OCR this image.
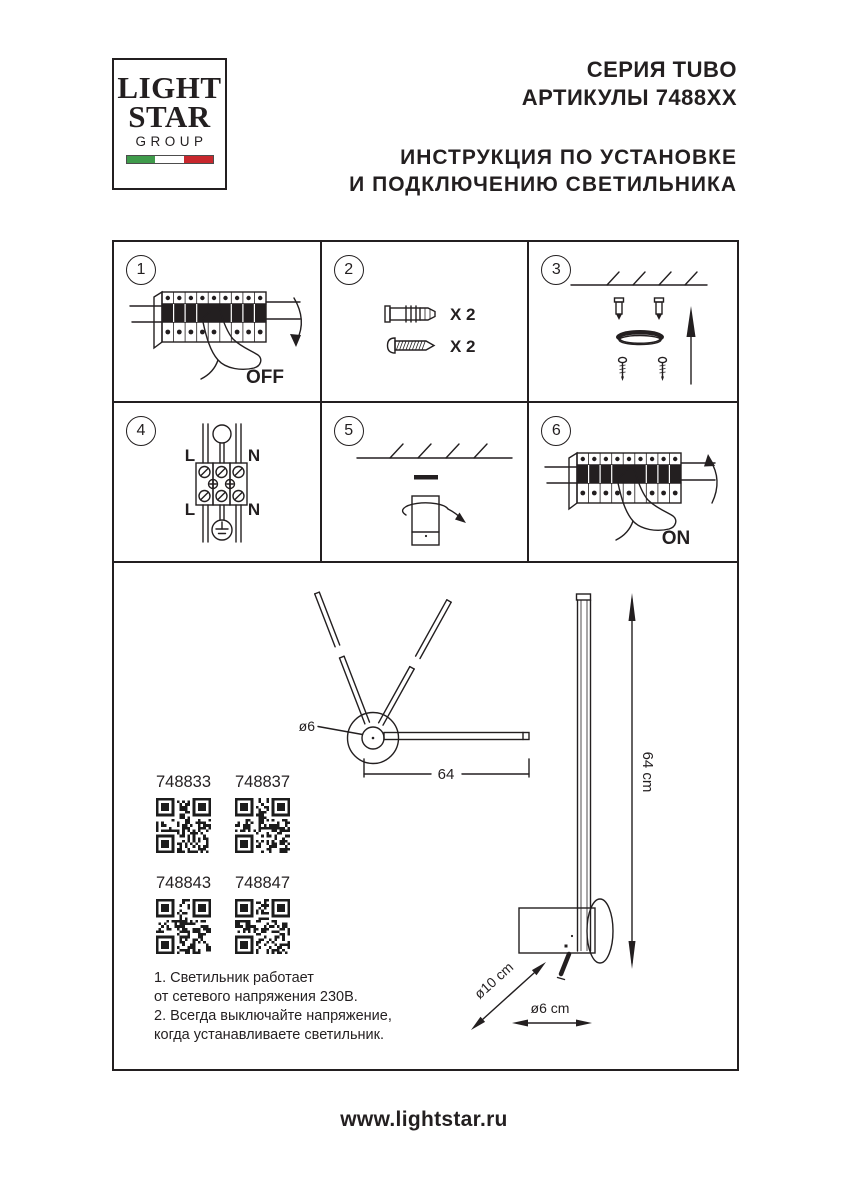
LIGHT
STAR
GROUP
СЕРИЯ TUBO
АРТИКУЛЫ 7488XX
ИНСТРУКЦИЯ ПО УСТАНОВКЕ
И ПОДКЛЮЧЕНИЮ СВЕТИЛЬНИКА
1
OFF
2
X 2
X 2
3
4
L	N
L	N
5	6
ON
ø6
64	64 cm
ø10 cm
ø6 cm
748833 748837
748843 748847
1. Светильник работает
от сетевого напряжения 230В.
2. Всегда выключайте напряжение,
когда устанавливаете светильник.
www.lightstar.ru
